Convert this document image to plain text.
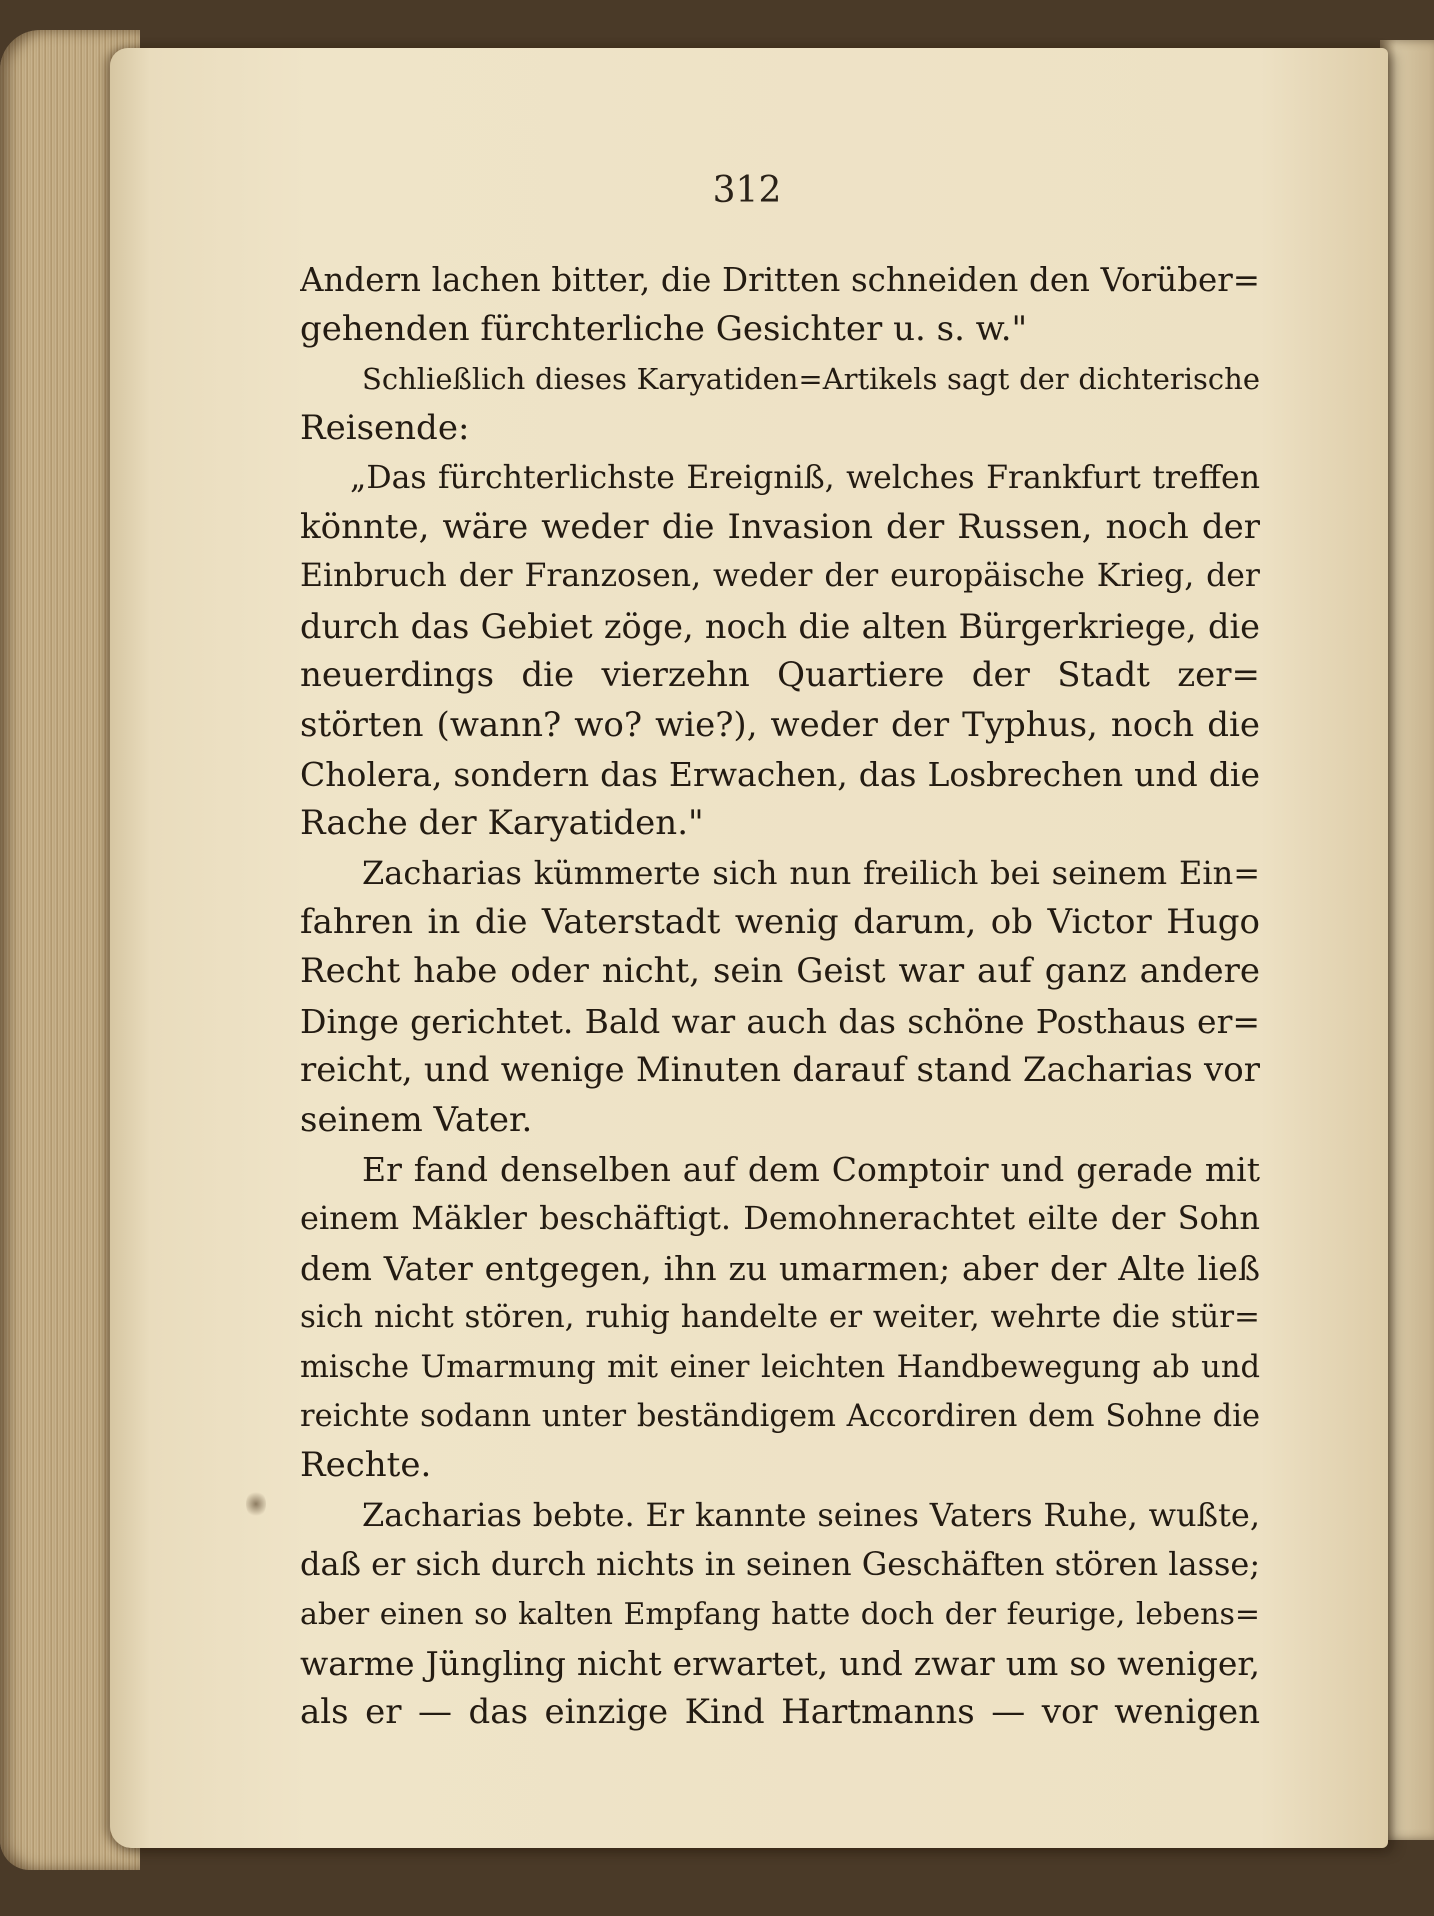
312
Andern lachen bitter, die Dritten schneiden den Vorüber=
gehenden fürchterliche Gesichter u. s. w."
Schließlich dieses Karyatiden=Artikels sagt der dichterische
Reisende:
„Das fürchterlichste Ereigniß, welches Frankfurt treffen
könnte, wäre weder die Invasion der Russen, noch der
Einbruch der Franzosen, weder der europäische Krieg, der
durch das Gebiet zöge, noch die alten Bürgerkriege, die
neuerdings die vierzehn Quartiere der Stadt zer=
störten (wann? wo? wie?), weder der Typhus, noch die
Cholera, sondern das Erwachen, das Losbrechen und die
Rache der Karyatiden."
Zacharias kümmerte sich nun freilich bei seinem Ein=
fahren in die Vaterstadt wenig darum, ob Victor Hugo
Recht habe oder nicht, sein Geist war auf ganz andere
Dinge gerichtet. Bald war auch das schöne Posthaus er=
reicht, und wenige Minuten darauf stand Zacharias vor
seinem Vater.
Er fand denselben auf dem Comptoir und gerade mit
einem Mäkler beschäftigt. Demohnerachtet eilte der Sohn
dem Vater entgegen, ihn zu umarmen; aber der Alte ließ
sich nicht stören, ruhig handelte er weiter, wehrte die stür=
mische Umarmung mit einer leichten Handbewegung ab und
reichte sodann unter beständigem Accordiren dem Sohne die
Rechte.
Zacharias bebte. Er kannte seines Vaters Ruhe, wußte,
daß er sich durch nichts in seinen Geschäften stören lasse;
aber einen so kalten Empfang hatte doch der feurige, lebens=
warme Jüngling nicht erwartet, und zwar um so weniger,
als er — das einzige Kind Hartmanns — vor wenigen
